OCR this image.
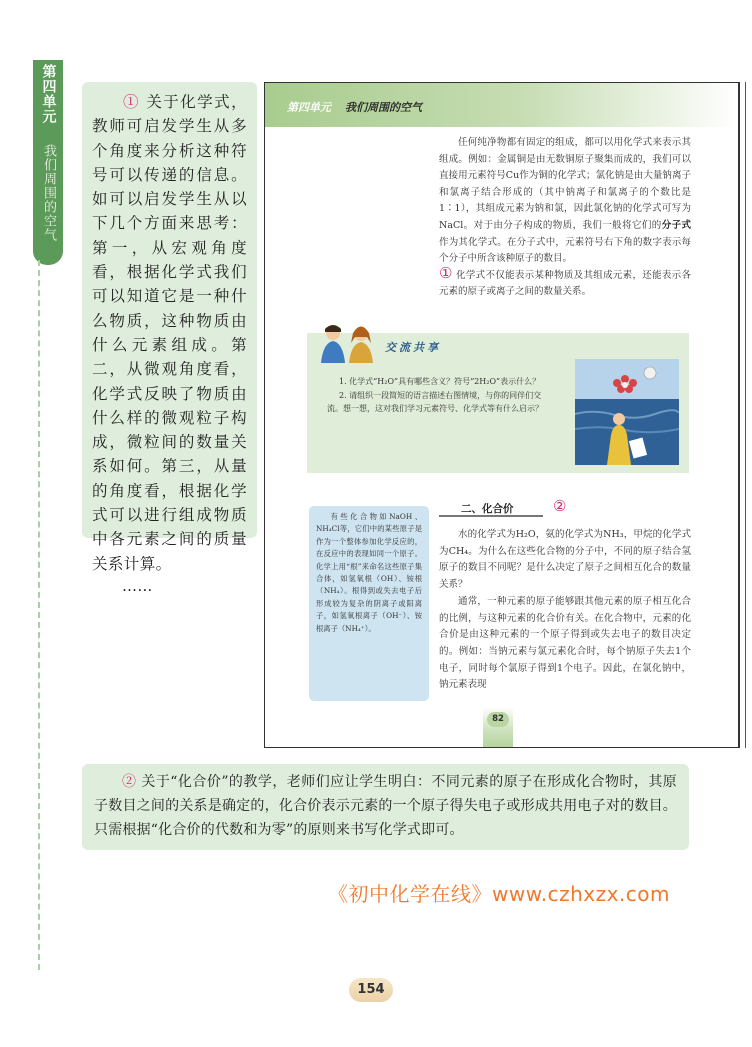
第四单元
我们周围的空气

① 关于化学式，教师可启发学生从多个角度来分析这种符号可以传递的信息。如可以启发学生从以下几个方面来思考：第一，从宏观角度看，根据化学式我们可以知道它是一种什么物质，这种物质由什么元素组成。第二，从微观角度看，化学式反映了物质由什么样的微观粒子构成，微粒间的数量关系如何。第三，从量的角度看，根据化学式可以进行组成物质中各元素之间的质量关系计算。

……

第四单元 我们周围的空气

任何纯净物都有固定的组成，都可以用化学式来表示其组成。例如：金属铜是由无数铜原子聚集而成的，我们可以直接用元素符号Cu作为铜的化学式；氯化钠是由大量钠离子和氯离子结合形成的（其中钠离子和氯离子的个数比是1∶1），其组成元素为钠和氯，因此氯化钠的化学式可写为NaCl。对于由分子构成的物质，我们一般将它们的分子式作为其化学式。在分子式中，元素符号右下角的数字表示每个分子中所含该种原子的数目。

① 化学式不仅能表示某种物质及其组成元素，还能表示各元素的原子或离子之间的数量关系。

交流共享

1. 化学式“H₂O”具有哪些含义？符号“2H₂O”表示什么？

2. 请组织一段简短的语言描述右图情境，与你的同伴们交流。想一想，这对我们学习元素符号、化学式等有什么启示？

有些化合物如NaOH、NH₄Cl等，它们中的某些原子是作为一个整体参加化学反应的，在反应中的表现如同一个原子。化学上用“根”来命名这些原子集合体，如氢氧根（OH）、铵根（NH₄）。根得到或失去电子后形成较为复杂的阴离子或阳离子，如氢氧根离子（OH⁻）、铵根离子（NH₄⁺）。

二、化合价	②

水的化学式为H₂O，氨的化学式为NH₃，甲烷的化学式为CH₄。为什么在这些化合物的分子中，不同的原子结合氢原子的数目不同呢？是什么决定了原子之间相互化合的数量关系？

通常，一种元素的原子能够跟其他元素的原子相互化合的比例，与这种元素的化合价有关。在化合物中，元素的化合价是由这种元素的一个原子得到或失去电子的数目决定的。例如：当钠元素与氯元素化合时，每个钠原子失去1个电子，同时每个氯原子得到1个电子。因此，在氯化钠中，钠元素表现

82

② 关于“化合价”的教学，老师们应让学生明白：不同元素的原子在形成化合物时，其原子数目之间的关系是确定的，化合价表示元素的一个原子得失电子或形成共用电子对的数目。只需根据“化合价的代数和为零”的原则来书写化学式即可。

《初中化学在线》www.czhxzx.com
154
